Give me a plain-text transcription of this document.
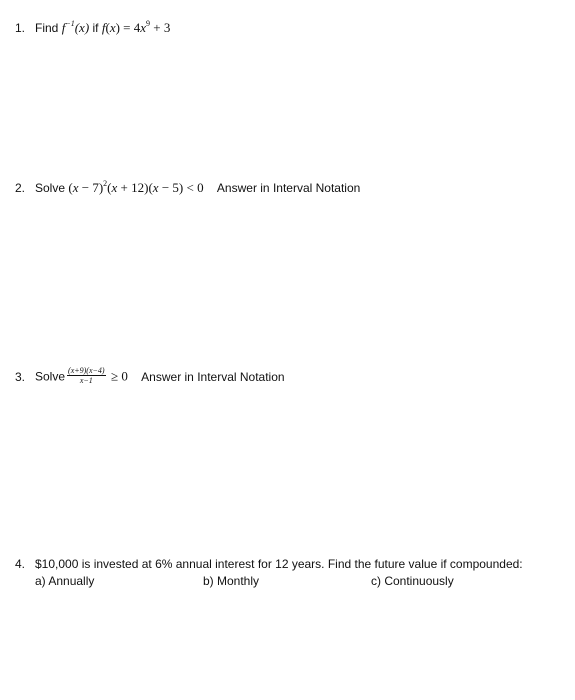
1. Find $f^{-1}(x)$ if $f(x) = 4x^9 + 3$
2. Solve $(x - 7)^2(x + 12)(x - 5) < 0$ Answer in Interval Notation
3. Solve $\frac{(x+9)(x-4)}{x-1} \ge 0$ Answer in Interval Notation
4. $10,000 is invested at 6% annual interest for 12 years. Find the future value if compounded:
a) Annually	b) Monthly	c) Continuously
